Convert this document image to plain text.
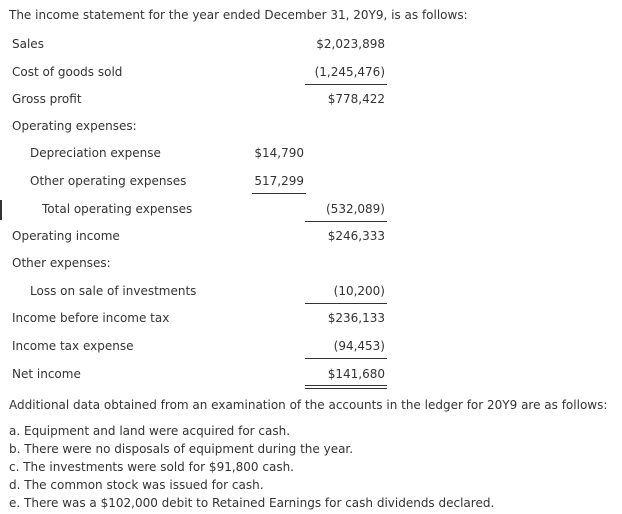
The income statement for the year ended December 31, 20Y9, is as follows:
Sales	$2,023,898
Cost of goods sold	(1,245,476)
Gross profit	$778,422
Operating expenses:
Depreciation expense	$14,790
Other operating expenses	517,299
Total operating expenses	(532,089)
Operating income	$246,333
Other expenses:
Loss on sale of investments	(10,200)
Income before income tax	$236,133
Income tax expense	(94,453)
Net income	$141,680
Additional data obtained from an examination of the accounts in the ledger for 20Y9 are as follows:
a. Equipment and land were acquired for cash.
b. There were no disposals of equipment during the year.
c. The investments were sold for $91,800 cash.
d. The common stock was issued for cash.
e. There was a $102,000 debit to Retained Earnings for cash dividends declared.
